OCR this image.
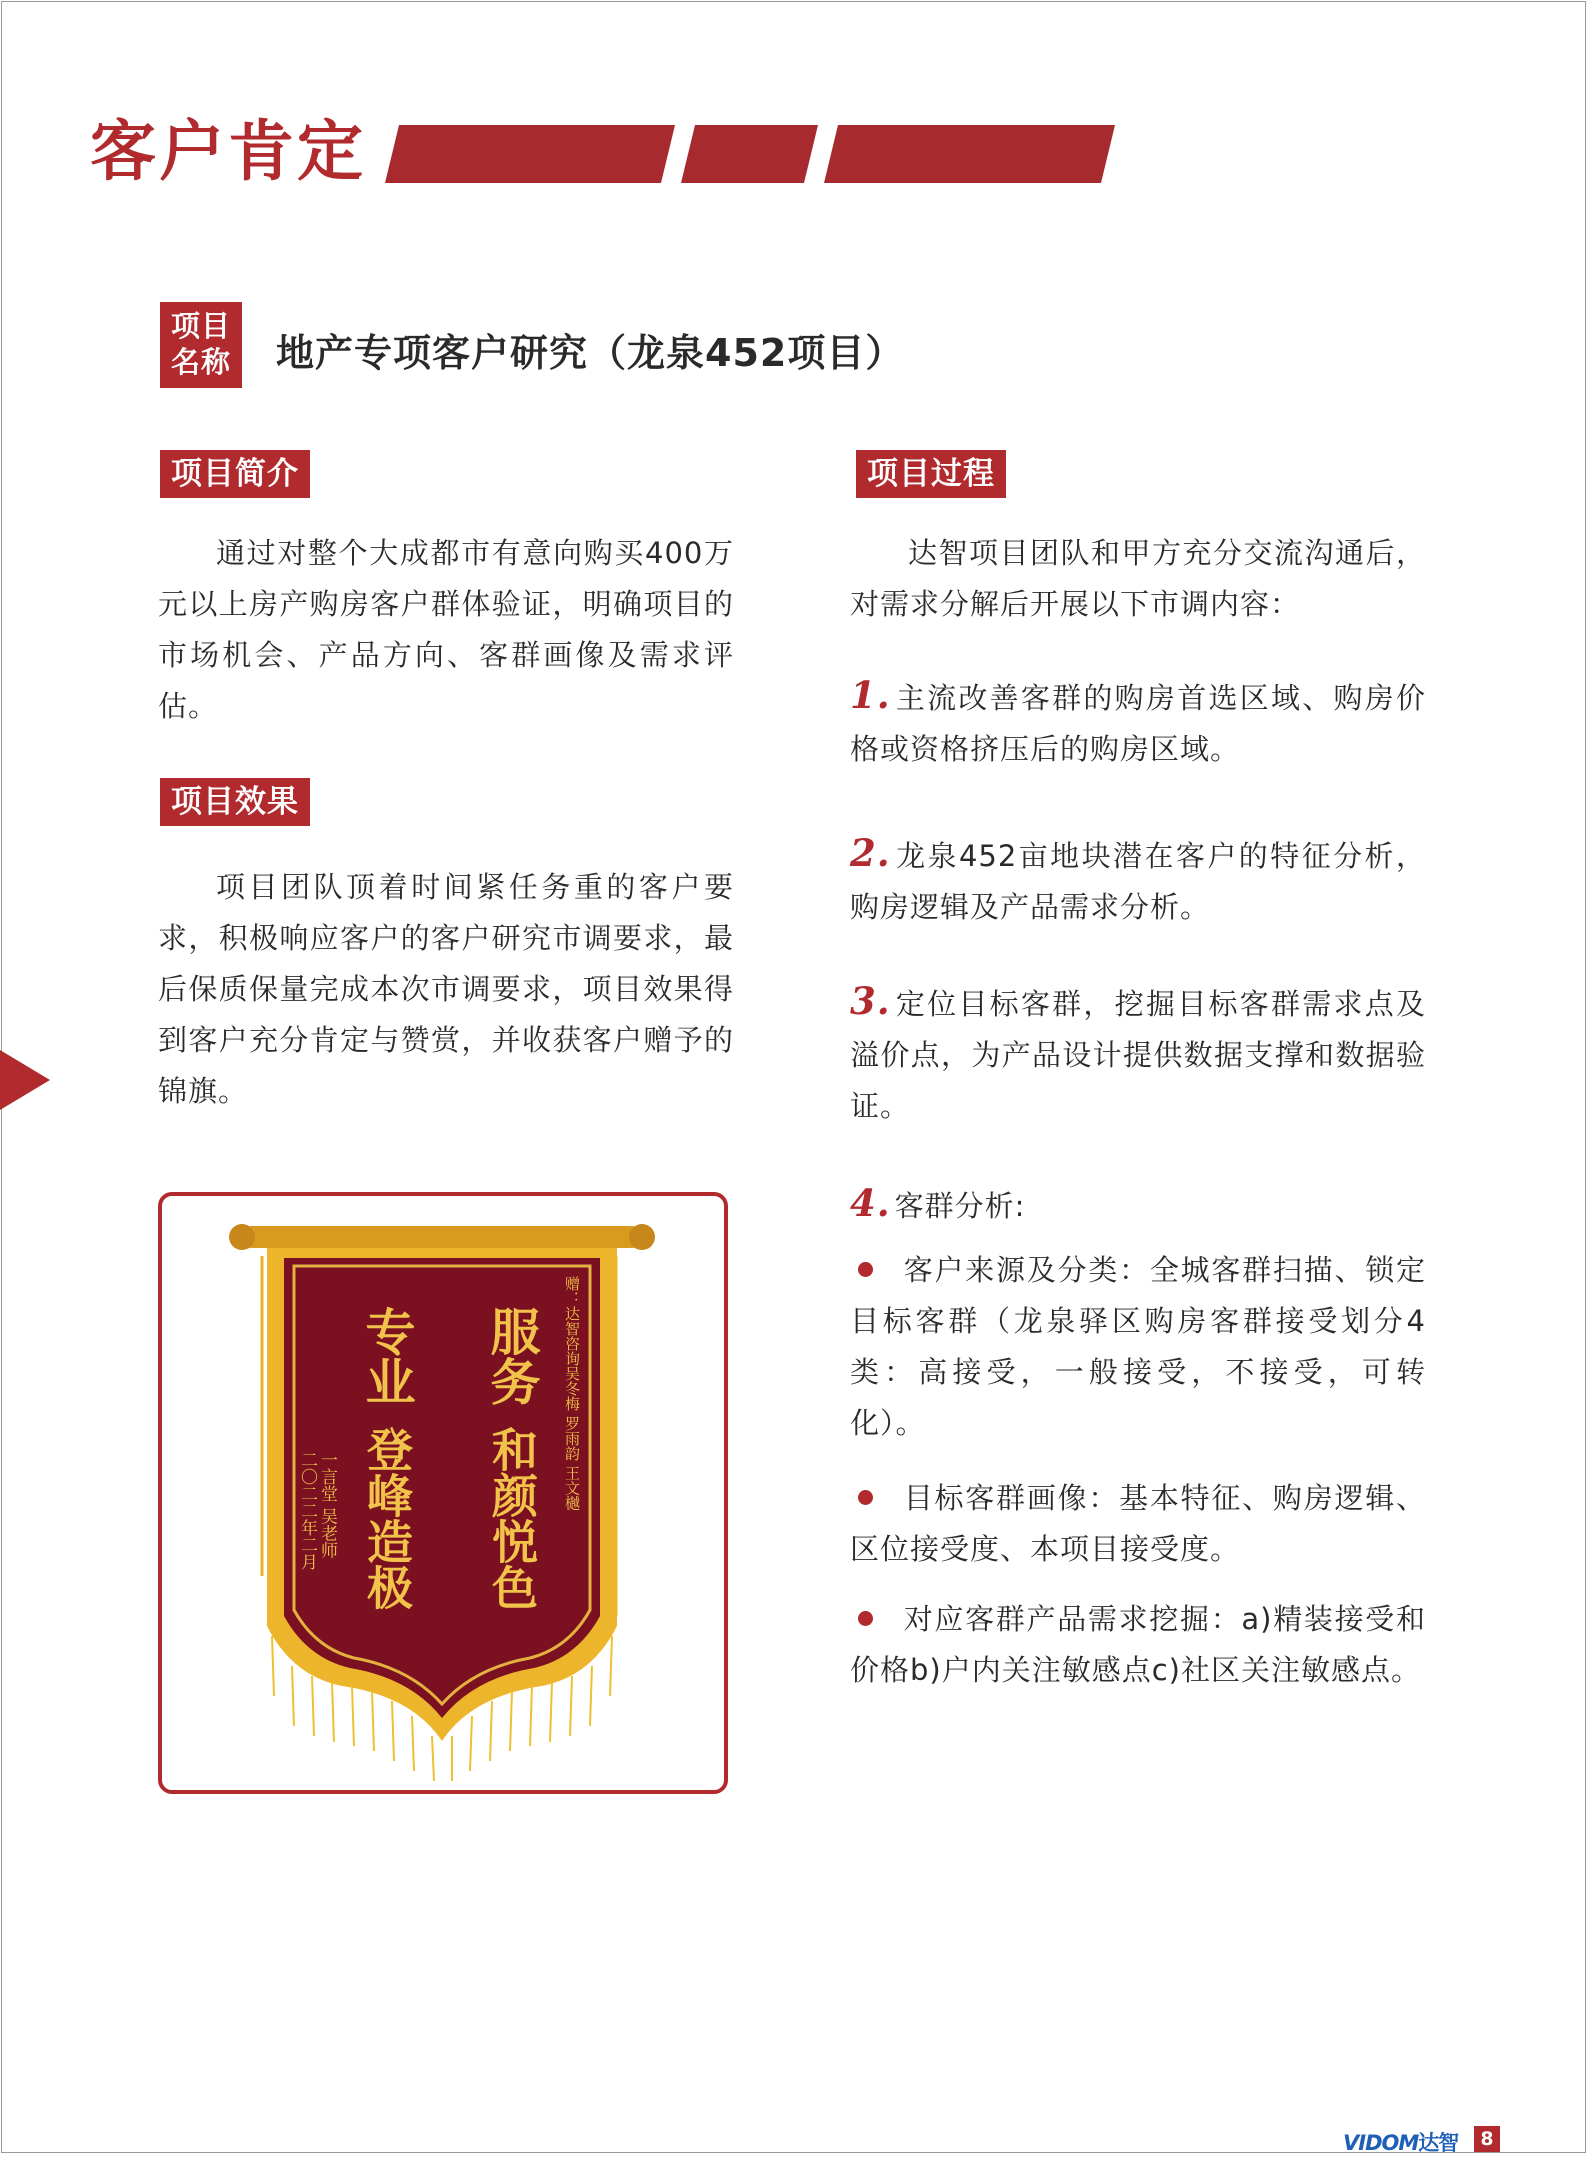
客户肯定
项目
名称 地产专项客户研究（龙泉452项目）
项目简介
通过对整个大成都市有意向购买400万元以上房产购房客户群体验证，明确项目的市场机会、产品方向、客群画像及需求评估。
项目效果
项目团队顶着时间紧任务重的客户要求，积极响应客户的客户研究市调要求，最后保质保量完成本次市调要求，项目效果得到客户充分肯定与赞赏，并收获客户赠予的锦旗。
服务
和颜悦色
专业
登峰造极
赠：达智咨询吴冬梅 罗雨韵 王文樾
一言堂 吴老师
二〇二二年二月
项目过程
达智项目团队和甲方充分交流沟通后，对需求分解后开展以下市调内容：
1. 主流改善客群的购房首选区域、购房价格或资格挤压后的购房区域。
2. 龙泉452亩地块潜在客户的特征分析，购房逻辑及产品需求分析。
3. 定位目标客群，挖掘目标客群需求点及溢价点，为产品设计提供数据支撑和数据验证。
4. 客群分析:
客户来源及分类：全城客群扫描、锁定目标客群（龙泉驿区购房客群接受划分4类：高接受，一般接受，不接受，可转化）。
目标客群画像：基本特征、购房逻辑、区位接受度、本项目接受度。
对应客群产品需求挖掘：a)精装接受和价格b)户内关注敏感点c)社区关注敏感点。
VIDOM达智	8
